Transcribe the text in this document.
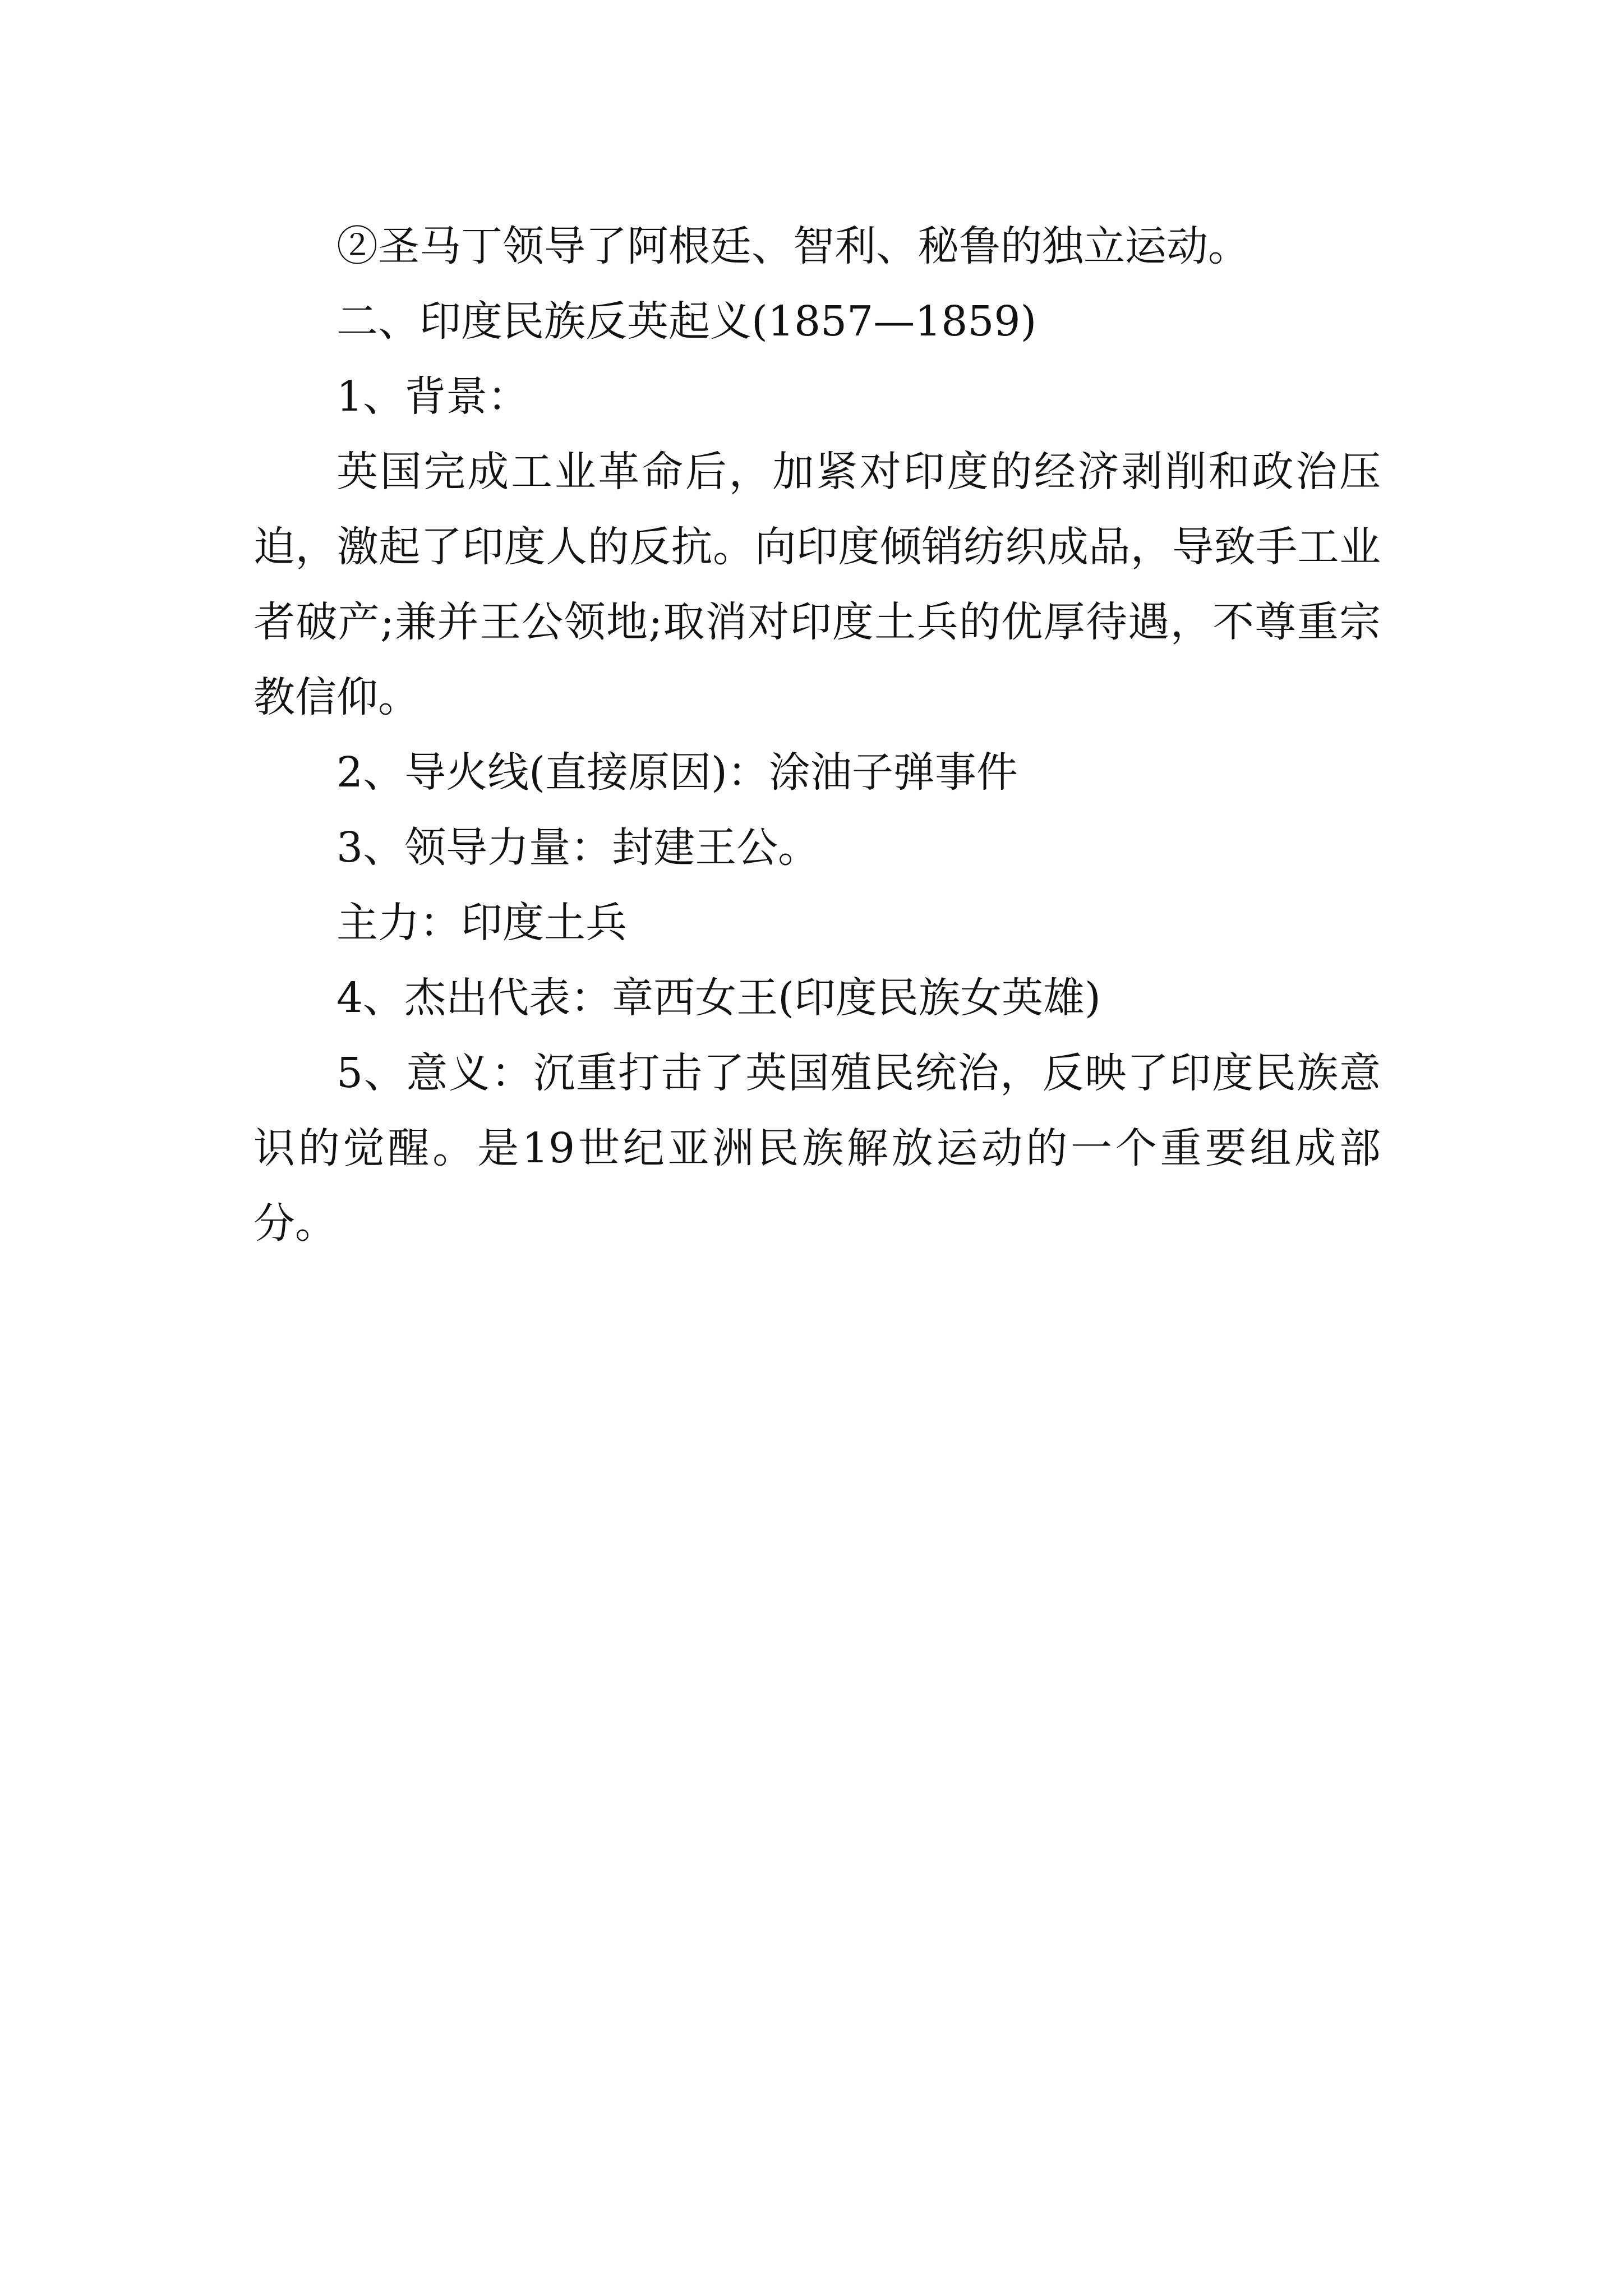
②圣马丁领导了阿根廷、智利、秘鲁的独立运动。

二、印度民族反英起义(1857—1859)

1、背景：

英国完成工业革命后，加紧对印度的经济剥削和政治压迫，激起了印度人的反抗。向印度倾销纺织成品，导致手工业者破产;兼并王公领地;取消对印度土兵的优厚待遇，不尊重宗教信仰。

2、导火线(直接原因)：涂油子弹事件

3、领导力量：封建王公。

主力：印度土兵

4、杰出代表：章西女王(印度民族女英雄)

5、意义：沉重打击了英国殖民统治，反映了印度民族意识的觉醒。是19世纪亚洲民族解放运动的一个重要组成部分。
